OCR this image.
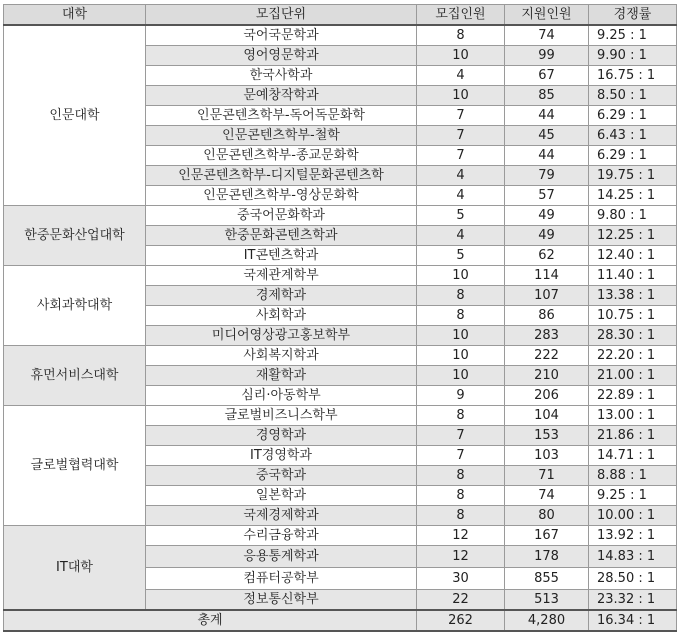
대학	모집단위	모집인원	지원인원	경쟁률
인문대학	국어국문학과	8	74	9.25 : 1
	영어영문학과	10	99	9.90 : 1
	한국사학과	4	67	16.75 : 1
	문예창작학과	10	85	8.50 : 1
	인문콘텐츠학부-독어독문화학	7	44	6.29 : 1
	인문콘텐츠학부-철학	7	45	6.43 : 1
	인문콘텐츠학부-종교문화학	7	44	6.29 : 1
	인문콘텐츠학부-디지털문화콘텐츠학	4	79	19.75 : 1
	인문콘텐츠학부-영상문화학	4	57	14.25 : 1
한중문화산업대학	중국어문화학과	5	49	9.80 : 1
	한중문화콘텐츠학과	4	49	12.25 : 1
	IT콘텐츠학과	5	62	12.40 : 1
사회과학대학	국제관계학부	10	114	11.40 : 1
	경제학과	8	107	13.38 : 1
	사회학과	8	86	10.75 : 1
	미디어영상광고홍보학부	10	283	28.30 : 1
휴먼서비스대학	사회복지학과	10	222	22.20 : 1
	재활학과	10	210	21.00 : 1
	심리·아동학부	9	206	22.89 : 1
글로벌협력대학	글로벌비즈니스학부	8	104	13.00 : 1
	경영학과	7	153	21.86 : 1
	IT경영학과	7	103	14.71 : 1
	중국학과	8	71	8.88 : 1
	일본학과	8	74	9.25 : 1
	국제경제학과	8	80	10.00 : 1
IT대학	수리금융학과	12	167	13.92 : 1
	응용통계학과	12	178	14.83 : 1
	컴퓨터공학부	30	855	28.50 : 1
	정보통신학부	22	513	23.32 : 1
총계		262	4,280	16.34 : 1
